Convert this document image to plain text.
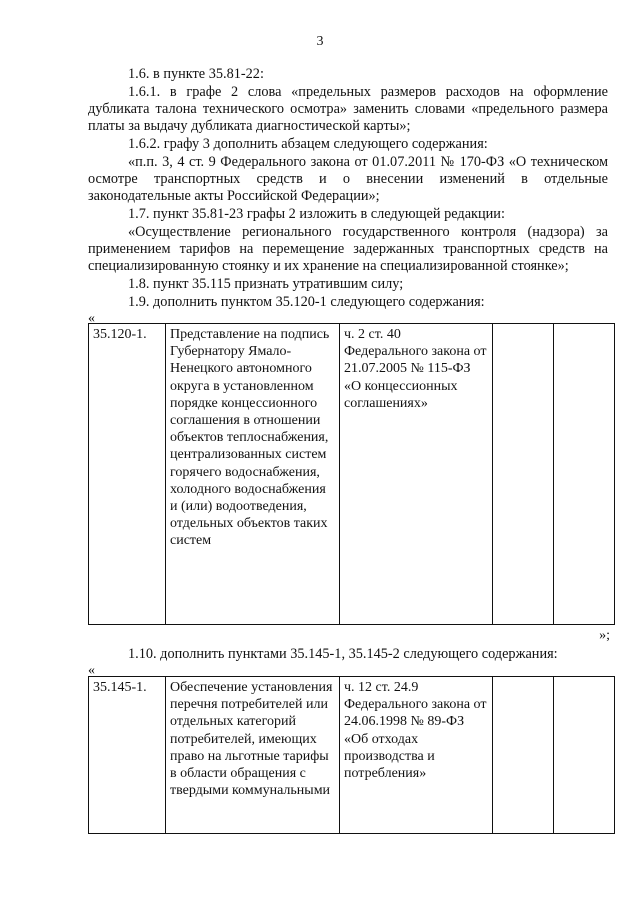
3
1.6. в пункте 35.81-22:
1.6.1. в графе 2 слова «предельных размеров расходов на оформление дубликата талона технического осмотра» заменить словами «предельного размера платы за выдачу дубликата диагностической карты»;
1.6.2. графу 3 дополнить абзацем следующего содержания:
«п.п. 3, 4 ст. 9 Федерального закона от 01.07.2011 № 170-ФЗ «О техническом осмотре транспортных средств и о внесении изменений в отдельные законодательные акты Российской Федерации»;
1.7. пункт 35.81-23 графы 2 изложить в следующей редакции:
«Осуществление регионального государственного контроля (надзора) за применением тарифов на перемещение задержанных транспортных средств на специализированную стоянку и их хранение на специализированной стоянке»;
1.8. пункт 35.115 признать утратившим силу;
1.9. дополнить пунктом 35.120-1 следующего содержания:
«
35.120-1.	Представление на подпись Губернатору Ямало-Ненецкого автономного округа в установленном порядке концессионного соглашения в отношении объектов теплоснабжения, централизованных систем горячего водоснабжения, холодного водоснабжения и (или) водоотведения, отдельных объектов таких систем	ч. 2 ст. 40 Федерального закона от 21.07.2005 № 115-ФЗ «О концессионных соглашениях»		
»;
1.10. дополнить пунктами 35.145-1, 35.145-2 следующего содержания:
«
35.145-1.	Обеспечение установления перечня потребителей или отдельных категорий потребителей, имеющих право на льготные тарифы в области обращения с твердыми коммунальными	ч. 12 ст. 24.9 Федерального закона от 24.06.1998 № 89-ФЗ «Об отходах производства и потребления»		
